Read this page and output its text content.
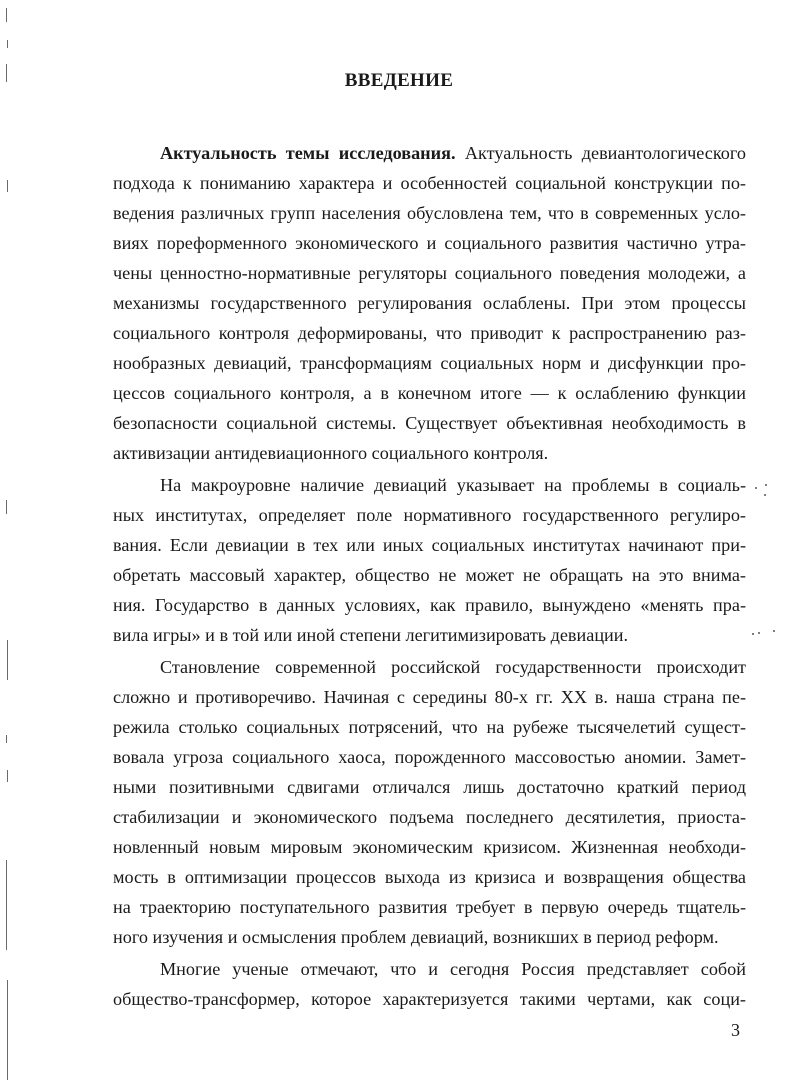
ВВЕДЕНИЕ
Актуальность темы исследования. Актуальность девиантологического
подхода к пониманию характера и особенностей социальной конструкции по-
ведения различных групп населения обусловлена тем, что в современных усло-
виях пореформенного экономического и социального развития частично утра-
чены ценностно-нормативные регуляторы социального поведения молодежи, а
механизмы государственного регулирования ослаблены. При этом процессы
социального контроля деформированы, что приводит к распространению раз-
нообразных девиаций, трансформациям социальных норм и дисфункции про-
цессов социального контроля, а в конечном итоге — к ослаблению функции
безопасности социальной системы. Существует объективная необходимость в
активизации антидевиационного социального контроля.
На макроуровне наличие девиаций указывает на проблемы в социаль-
ных институтах, определяет поле нормативного государственного регулиро-
вания. Если девиации в тех или иных социальных институтах начинают при-
обретать массовый характер, общество не может не обращать на это внима-
ния. Государство в данных условиях, как правило, вынуждено «менять пра-
вила игры» и в той или иной степени легитимизировать девиации.
Становление современной российской государственности происходит
сложно и противоречиво. Начиная с середины 80-х гг. XX в. наша страна пе-
режила столько социальных потрясений, что на рубеже тысячелетий сущест-
вовала угроза социального хаоса, порожденного массовостью аномии. Замет-
ными позитивными сдвигами отличался лишь достаточно краткий период
стабилизации и экономического подъема последнего десятилетия, приоста-
новленный новым мировым экономическим кризисом. Жизненная необходи-
мость в оптимизации процессов выхода из кризиса и возвращения общества
на траекторию поступательного развития требует в первую очередь тщатель-
ного изучения и осмысления проблем девиаций, возникших в период реформ.
Многие ученые отмечают, что и сегодня Россия представляет собой
общество-трансформер, которое характеризуется такими чертами, как соци-
3
